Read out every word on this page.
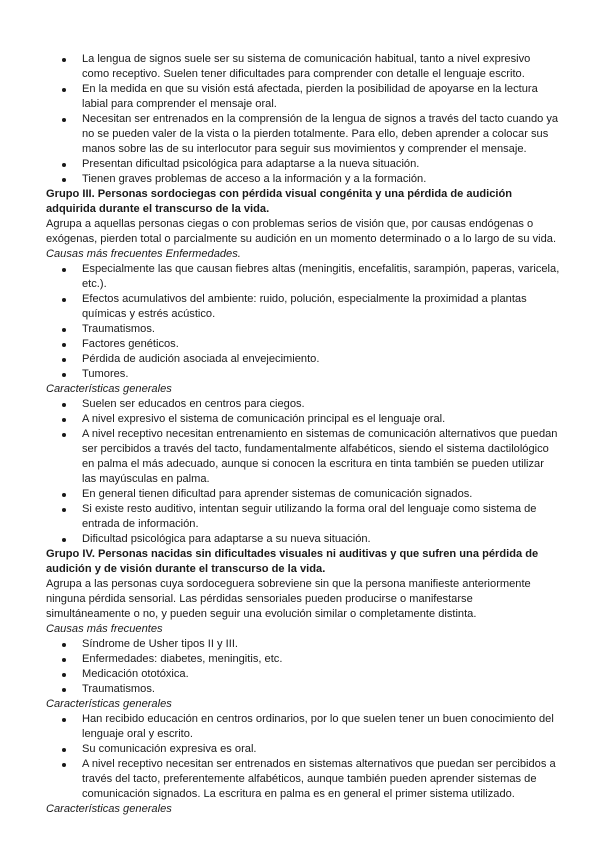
La lengua de signos suele ser su sistema de comunicación habitual, tanto a nivel expresivo como receptivo. Suelen tener dificultades para comprender con detalle el lenguaje escrito.
En la medida en que su visión está afectada, pierden la posibilidad de apoyarse en la lectura labial para comprender el mensaje oral.
Necesitan ser entrenados en la comprensión de la lengua de signos a través del tacto cuando ya no se pueden valer de la vista o la pierden totalmente. Para ello, deben aprender a colocar sus manos sobre las de su interlocutor para seguir sus movimientos y comprender el mensaje.
Presentan dificultad psicológica para adaptarse a la nueva situación.
Tienen graves problemas de acceso a la información y a la formación.
Grupo III. Personas sordociegas con pérdida visual congénita y una pérdida de audición adquirida durante el transcurso de la vida.

Agrupa a aquellas personas ciegas o con problemas serios de visión que, por causas endógenas o exógenas, pierden total o parcialmente su audición en un momento determinado o a lo largo de su vida.

Causas más frecuentes Enfermedades.

Especialmente las que causan fiebres altas (meningitis, encefalitis, sarampión, paperas, varicela, etc.).
Efectos acumulativos del ambiente: ruido, polución, especialmente la proximidad a plantas químicas y estrés acústico.
Traumatismos.
Factores genéticos.
Pérdida de audición asociada al envejecimiento.
Tumores.

Características generales

Suelen ser educados en centros para ciegos.
A nivel expresivo el sistema de comunicación principal es el lenguaje oral.
A nivel receptivo necesitan entrenamiento en sistemas de comunicación alternativos que puedan ser percibidos a través del tacto, fundamentalmente alfabéticos, siendo el sistema dactilológico en palma el más adecuado, aunque si conocen la escritura en tinta también se pueden utilizar las mayúsculas en palma.
En general tienen dificultad para aprender sistemas de comunicación signados.
Si existe resto auditivo, intentan seguir utilizando la forma oral del lenguaje como sistema de entrada de información.
Dificultad psicológica para adaptarse a su nueva situación.
Grupo IV. Personas nacidas sin dificultades visuales ni auditivas y que sufren una pérdida de audición y de visión durante el transcurso de la vida.

Agrupa a las personas cuya sordoceguera sobreviene sin que la persona manifieste anteriormente ninguna pérdida sensorial. Las pérdidas sensoriales pueden producirse o manifestarse simultáneamente o no, y pueden seguir una evolución similar o completamente distinta.

Causas más frecuentes

Síndrome de Usher tipos II y III.
Enfermedades: diabetes, meningitis, etc.
Medicación ototóxica.
Traumatismos.

Características generales

Han recibido educación en centros ordinarios, por lo que suelen tener un buen conocimiento del lenguaje oral y escrito.
Su comunicación expresiva es oral.
A nivel receptivo necesitan ser entrenados en sistemas alternativos que puedan ser percibidos a través del tacto, preferentemente alfabéticos, aunque también pueden aprender sistemas de comunicación signados. La escritura en palma es en general el primer sistema utilizado.

Características generales
